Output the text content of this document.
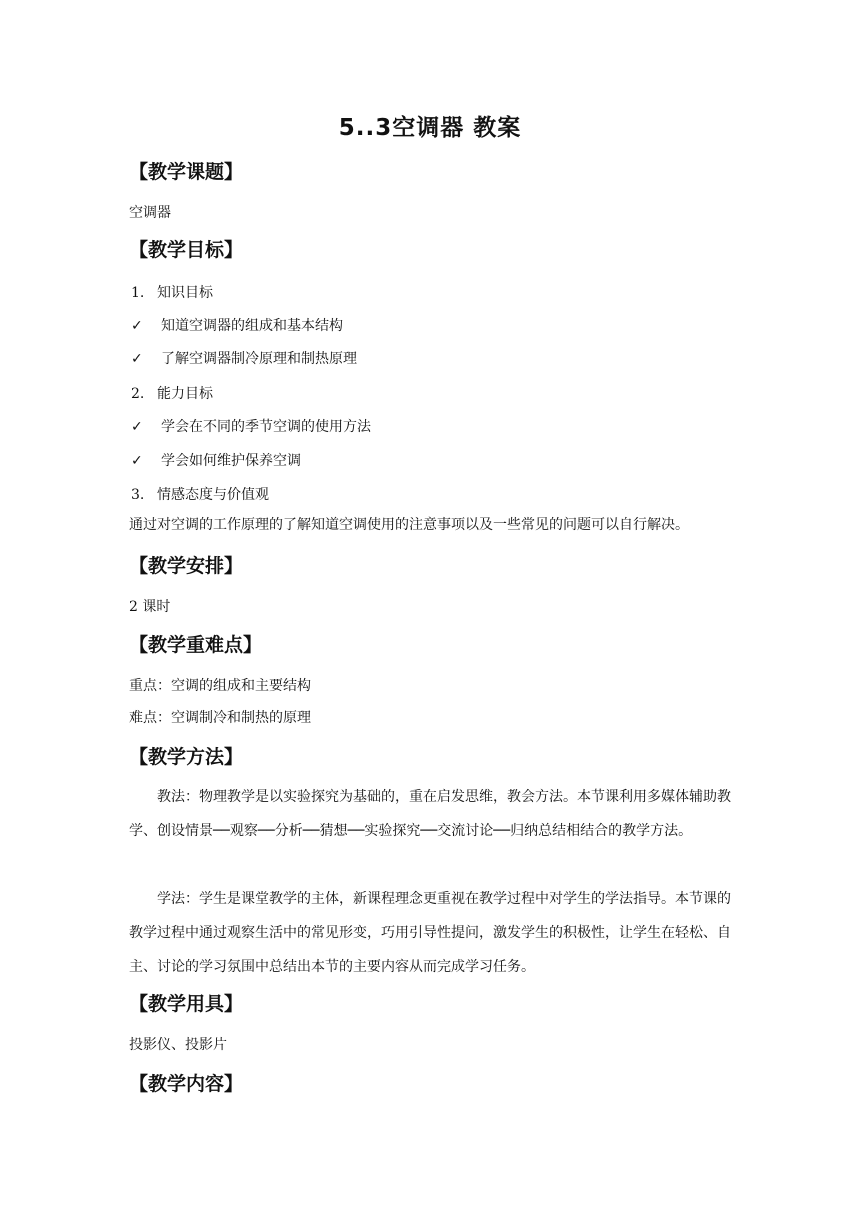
5..3空调器 教案
【教学课题】
空调器
【教学目标】
1. 知识目标
✓ 知道空调器的组成和基本结构
✓ 了解空调器制冷原理和制热原理
2. 能力目标
✓ 学会在不同的季节空调的使用方法
✓ 学会如何维护保养空调
3. 情感态度与价值观
通过对空调的工作原理的了解知道空调使用的注意事项以及一些常见的问题可以自行解决。
【教学安排】
2 课时
【教学重难点】
重点：空调的组成和主要结构
难点：空调制冷和制热的原理
【教学方法】
教法：物理教学是以实验探究为基础的，重在启发思维，教会方法。本节课利用多媒体辅助教学、创设情景──观察──分析──猜想──实验探究──交流讨论──归纳总结相结合的教学方法。
学法：学生是课堂教学的主体，新课程理念更重视在教学过程中对学生的学法指导。本节课的教学过程中通过观察生活中的常见形变，巧用引导性提问，激发学生的积极性，让学生在轻松、自主、讨论的学习氛围中总结出本节的主要内容从而完成学习任务。
【教学用具】
投影仪、投影片
【教学内容】
